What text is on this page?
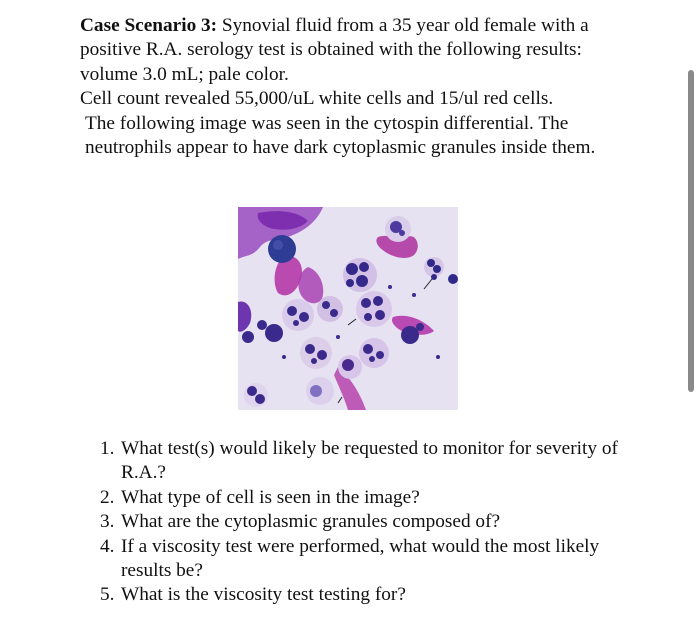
Case Scenario 3: Synovial fluid from a 35 year old female with a positive R.A. serology test is obtained with the following results: volume 3.0 mL; pale color.

Cell count revealed 55,000/uL white cells and 15/ul red cells.

The following image was seen in the cytospin differential. The neutrophils appear to have dark cytoplasmic granules inside them.

1. What test(s) would likely be requested to monitor for severity of R.A.?
2. What type of cell is seen in the image?
3. What are the cytoplasmic granules composed of?
4. If a viscosity test were performed, what would the most likely results be?
5. What is the viscosity test testing for?
